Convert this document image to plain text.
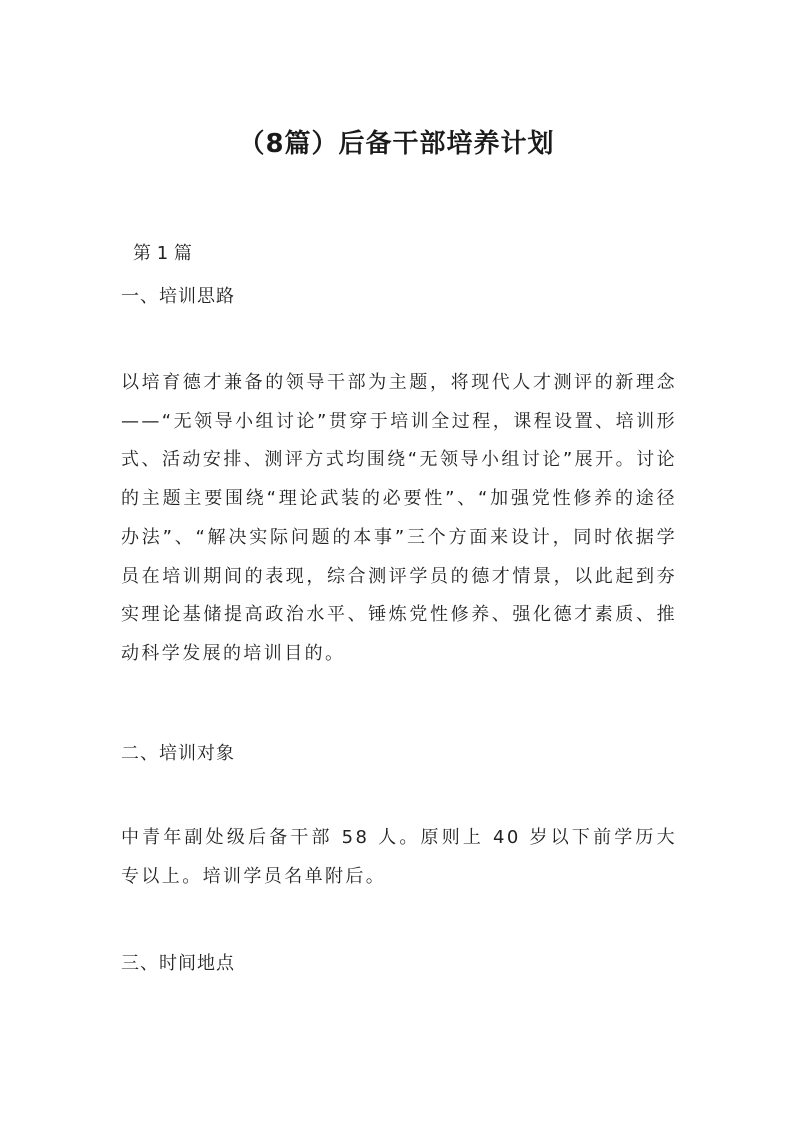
（8篇）后备干部培养计划
第 1 篇
一、培训思路

以培育德才兼备的领导干部为主题，将现代人才测评的新理念——“无领导小组讨论”贯穿于培训全过程，课程设置、培训形式、活动安排、测评方式均围绕“无领导小组讨论”展开。讨论的主题主要围绕“理论武装的必要性”、“加强党性修养的途径办法”、“解决实际问题的本事”三个方面来设计，同时依据学员在培训期间的表现，综合测评学员的德才情景，以此起到夯实理论基储提高政治水平、锤炼党性修养、强化德才素质、推动科学发展的培训目的。

二、培训对象

中青年副处级后备干部 58 人。原则上 40 岁以下前学历大专以上。培训学员名单附后。

三、时间地点
